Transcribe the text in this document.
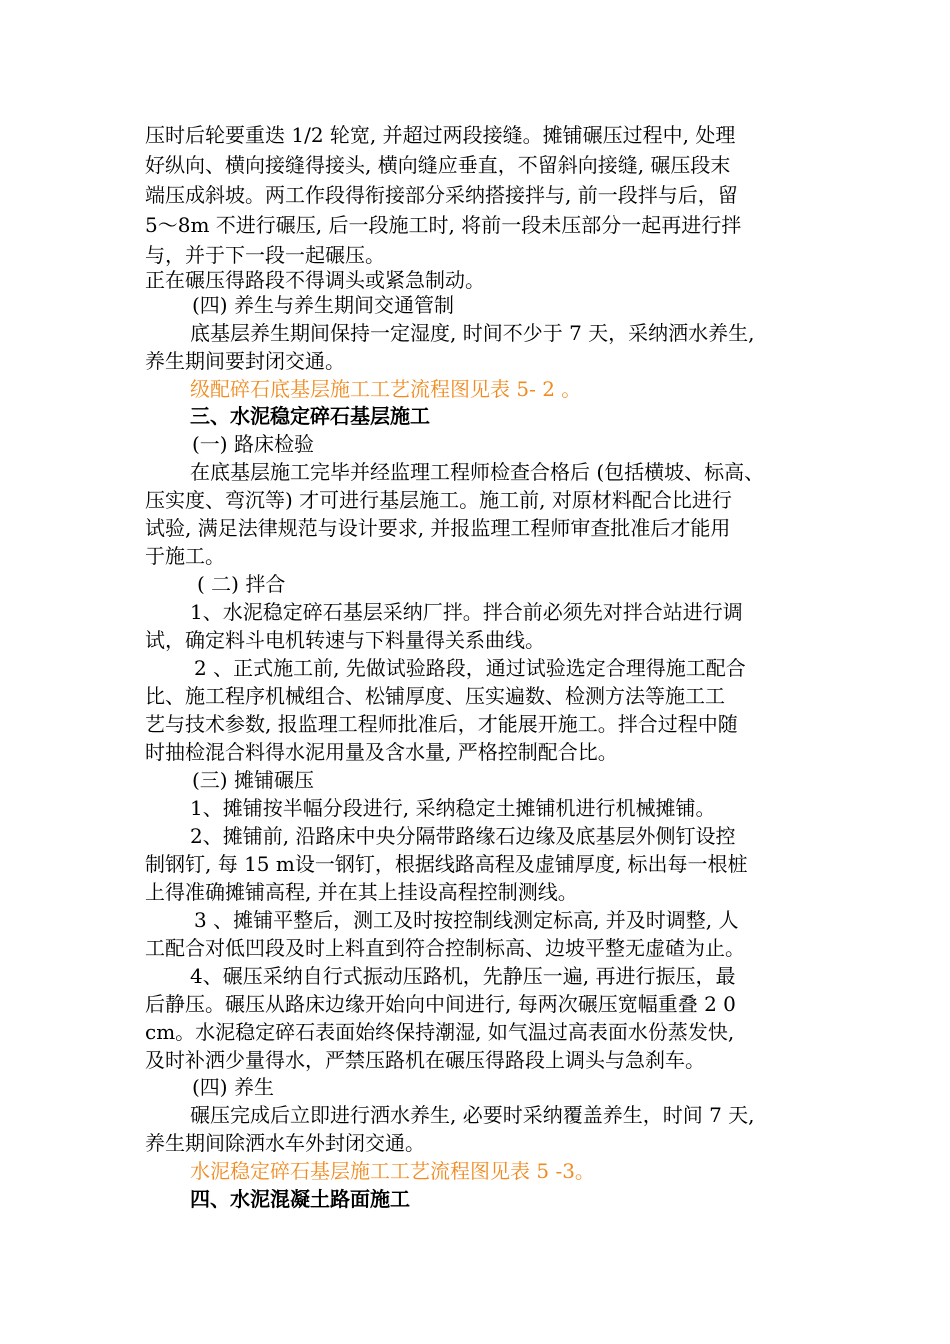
压时后轮要重迭 1/2 轮宽, 并超过两段接缝。摊铺碾压过程中, 处理
好纵向、横向接缝得接头, 横向缝应垂直，不留斜向接缝, 碾压段末
端压成斜坡。两工作段得衔接部分采纳搭接拌与, 前一段拌与后，留
5～8m 不进行碾压, 后一段施工时, 将前一段未压部分一起再进行拌
与，并于下一段一起碾压。
正在碾压得路段不得调头或紧急制动。
(四) 养生与养生期间交通管制
底基层养生期间保持一定湿度, 时间不少于 7 天，采纳洒水养生,
养生期间要封闭交通。
级配碎石底基层施工工艺流程图见表 5- 2 。
三、水泥稳定碎石基层施工
(一) 路床检验
在底基层施工完毕并经监理工程师检查合格后 (包括横坡、标高、
压实度、弯沉等) 才可进行基层施工。施工前, 对原材料配合比进行
试验, 满足法律规范与设计要求, 并报监理工程师审查批准后才能用
于施工。
( 二) 拌合
1、水泥稳定碎石基层采纳厂拌。拌合前必须先对拌合站进行调
试，确定料斗电机转速与下料量得关系曲线。
2 、正式施工前, 先做试验路段，通过试验选定合理得施工配合
比、施工程序机械组合、松铺厚度、压实遍数、检测方法等施工工
艺与技术参数, 报监理工程师批准后，才能展开施工。拌合过程中随
时抽检混合料得水泥用量及含水量, 严格控制配合比。
(三) 摊铺碾压
1、摊铺按半幅分段进行, 采纳稳定土摊铺机进行机械摊铺。
2、摊铺前, 沿路床中央分隔带路缘石边缘及底基层外侧钉设控
制钢钉, 每 15 m设一钢钉，根据线路高程及虚铺厚度, 标出每一根桩
上得准确摊铺高程, 并在其上挂设高程控制测线。
3 、摊铺平整后，测工及时按控制线测定标高, 并及时调整, 人
工配合对低凹段及时上料直到符合控制标高、边坡平整无虚碴为止。
4、碾压采纳自行式振动压路机，先静压一遍, 再进行振压，最
后静压。碾压从路床边缘开始向中间进行, 每两次碾压宽幅重叠 2 0
cm。水泥稳定碎石表面始终保持潮湿, 如气温过高表面水份蒸发快,
及时补洒少量得水，严禁压路机在碾压得路段上调头与急刹车。
(四) 养生
碾压完成后立即进行洒水养生, 必要时采纳覆盖养生，时间 7 天,
养生期间除洒水车外封闭交通。
水泥稳定碎石基层施工工艺流程图见表 5 -3。
四、水泥混凝土路面施工
